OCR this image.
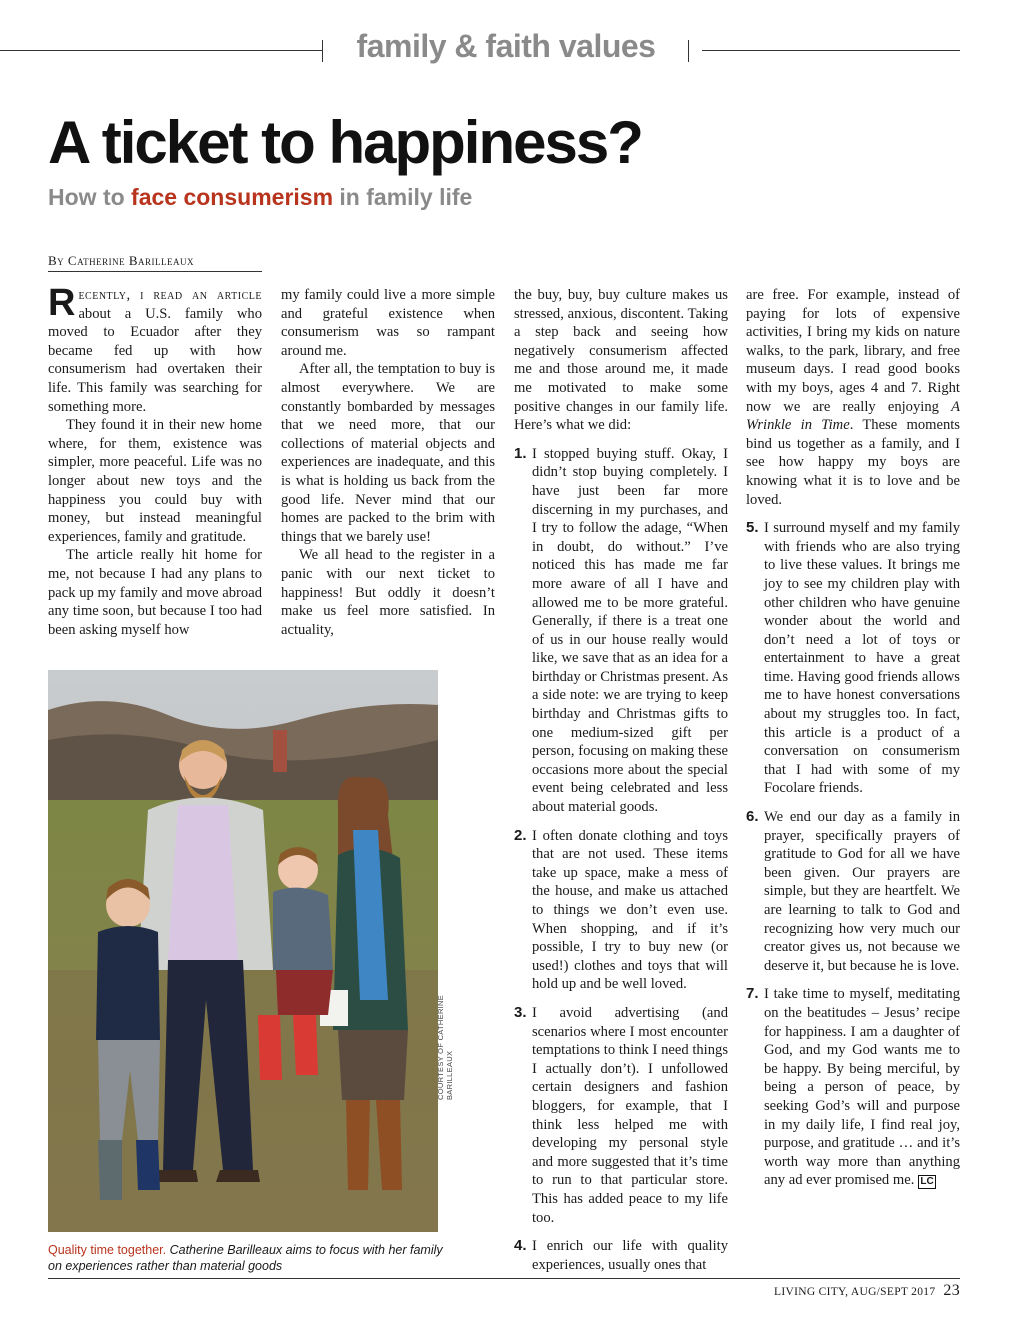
family & faith values
A ticket to happiness?
How to face consumerism in family life
By Catherine Barilleaux

Recently, i read an article about a U.S. family who moved to Ecuador after they became fed up with how consumerism had overtaken their life. This family was searching for something more.

They found it in their new home where, for them, existence was simpler, more peaceful. Life was no longer about new toys and the happiness you could buy with money, but instead meaningful experiences, family and gratitude.

The article really hit home for me, not because I had any plans to pack up my family and move abroad any time soon, but because I too had been asking myself how

my family could live a more simple and grateful existence when consumerism was so rampant around me.

After all, the temptation to buy is almost everywhere. We are constantly bombarded by messages that we need more, that our collections of material objects and experiences are inadequate, and this is what is holding us back from the good life. Never mind that our homes are packed to the brim with things that we barely use!

We all head to the register in a panic with our next ticket to happiness! But oddly it doesn’t make us feel more satisfied. In actuality,

the buy, buy, buy culture makes us stressed, anxious, discontent. Taking a step back and seeing how negatively consumerism affected me and those around me, it made me motivated to make some positive changes in our family life. Here’s what we did:

1. I stopped buying stuff. Okay, I didn’t stop buying completely. I have just been far more discerning in my purchases, and I try to follow the adage, “When in doubt, do without.” I’ve noticed this has made me far more aware of all I have and allowed me to be more grateful. Generally, if there is a treat one of us in our house really would like, we save that as an idea for a birthday or Christmas present. As a side note: we are trying to keep birthday and Christmas gifts to one medium-sized gift per person, focusing on making these occasions more about the special event being celebrated and less about material goods.
2. I often donate clothing and toys that are not used. These items take up space, make a mess of the house, and make us attached to things we don’t even use. When shopping, and if it’s possible, I try to buy new (or used!) clothes and toys that will hold up and be well loved.
3. I avoid advertising (and scenarios where I most encounter temptations to think I need things I actually don’t). I unfollowed certain designers and fashion bloggers, for example, that I think less helped me with developing my personal style and more suggested that it’s time to run to that particular store. This has added peace to my life too.
4. I enrich our life with quality experiences, usually ones that

are free. For example, instead of paying for lots of expensive activities, I bring my kids on nature walks, to the park, library, and free museum days. I read good books with my boys, ages 4 and 7. Right now we are really enjoying A Wrinkle in Time. These moments bind us together as a family, and I see how happy my boys are knowing what it is to love and be loved.

5. I surround myself and my family with friends who are also trying to live these values. It brings me joy to see my children play with other children who have genuine wonder about the world and don’t need a lot of toys or entertainment to have a great time. Having good friends allows me to have honest conversations about my struggles too. In fact, this article is a product of a conversation on consumerism that I had with some of my Focolare friends.
6. We end our day as a family in prayer, specifically prayers of gratitude to God for all we have been given. Our prayers are simple, but they are heartfelt. We are learning to talk to God and recognizing how very much our creator gives us, not because we deserve it, but because he is love.
7. I take time to myself, meditating on the beatitudes – Jesus’ recipe for happiness. I am a daughter of God, and my God wants me to be happy. By being merciful, by being a person of peace, by seeking God’s will and purpose in my daily life, I find real joy, purpose, and gratitude … and it’s worth way more than anything any ad ever promised me. LC
COURTESY OF CATHERINE BARILLEAUX
Quality time together. Catherine Barilleaux aims to focus with her family on experiences rather than material goods
LIVING CITY, AUG/SEPT 2017 23
